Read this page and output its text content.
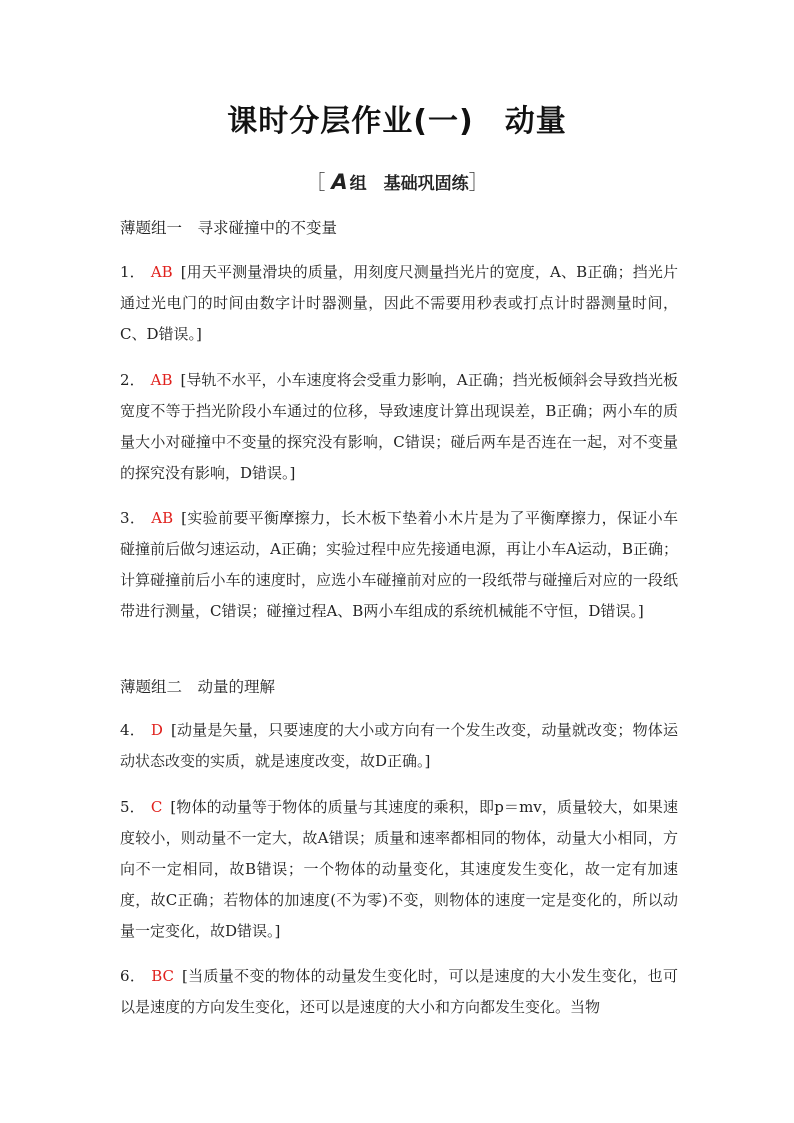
课时分层作业(一)　动量
［ A 组　基础巩固练］
薄题组一　寻求碰撞中的不变量
1． AB [用天平测量滑块的质量，用刻度尺测量挡光片的宽度，A、B正确；挡光片通过光电门的时间由数字计时器测量，因此不需要用秒表或打点计时器测量时间，C、D错误。]
2． AB [导轨不水平，小车速度将会受重力影响，A正确；挡光板倾斜会导致挡光板宽度不等于挡光阶段小车通过的位移，导致速度计算出现误差，B正确；两小车的质量大小对碰撞中不变量的探究没有影响，C错误；碰后两车是否连在一起，对不变量的探究没有影响，D错误。]
3． AB [实验前要平衡摩擦力，长木板下垫着小木片是为了平衡摩擦力，保证小车碰撞前后做匀速运动，A正确；实验过程中应先接通电源，再让小车A运动，B正确；计算碰撞前后小车的速度时，应选小车碰撞前对应的一段纸带与碰撞后对应的一段纸带进行测量，C错误；碰撞过程A、B两小车组成的系统机械能不守恒，D错误。]
薄题组二　动量的理解
4． D [动量是矢量，只要速度的大小或方向有一个发生改变，动量就改变；物体运动状态改变的实质，就是速度改变，故D正确。]
5． C [物体的动量等于物体的质量与其速度的乘积，即p＝mv，质量较大，如果速度较小，则动量不一定大，故A错误；质量和速率都相同的物体，动量大小相同，方向不一定相同，故B错误；一个物体的动量变化，其速度发生变化，故一定有加速度，故C正确；若物体的加速度(不为零)不变，则物体的速度一定是变化的，所以动量一定变化，故D错误。]
6． BC [当质量不变的物体的动量发生变化时，可以是速度的大小发生变化，也可以是速度的方向发生变化，还可以是速度的大小和方向都发生变化。当物
